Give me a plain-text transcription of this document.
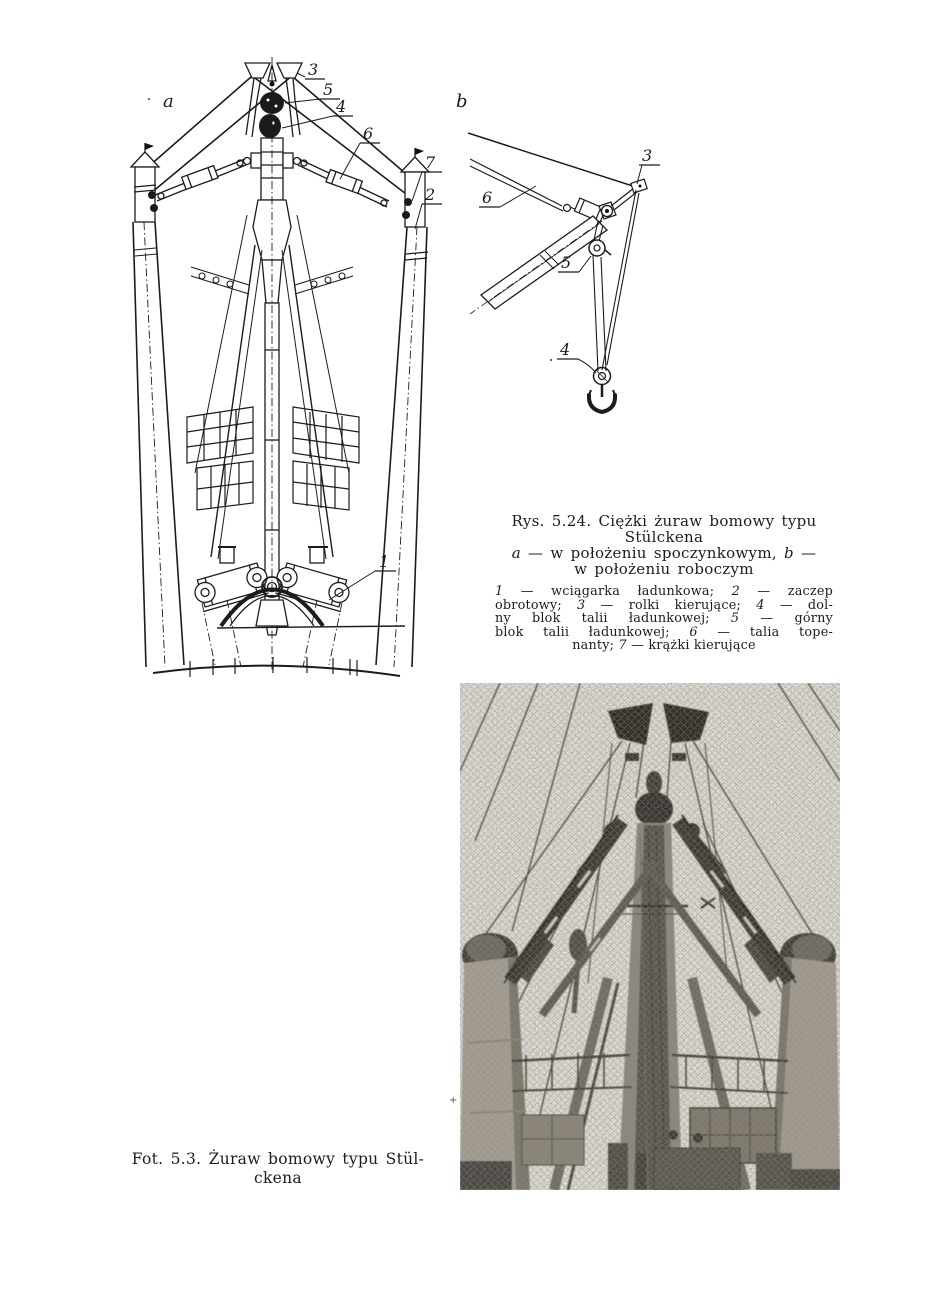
a
3
5
4
6
7
2
1
b
6
3
5
4
Rys. 5.24. Ciężki żuraw bomowy typu
Stülckena
a — w położeniu spoczynkowym, b —
w położeniu roboczym
1 — wciągarka ładunkowa; 2 — zaczep
obrotowy; 3 — rolki kierujące; 4 — dol-
ny blok talii ładunkowej; 5 — górny
blok talii ładunkowej; 6 — talia tope-
nanty; 7 — krążki kierujące
Fot. 5.3. Żuraw bomowy typu Stül-
ckena
+
